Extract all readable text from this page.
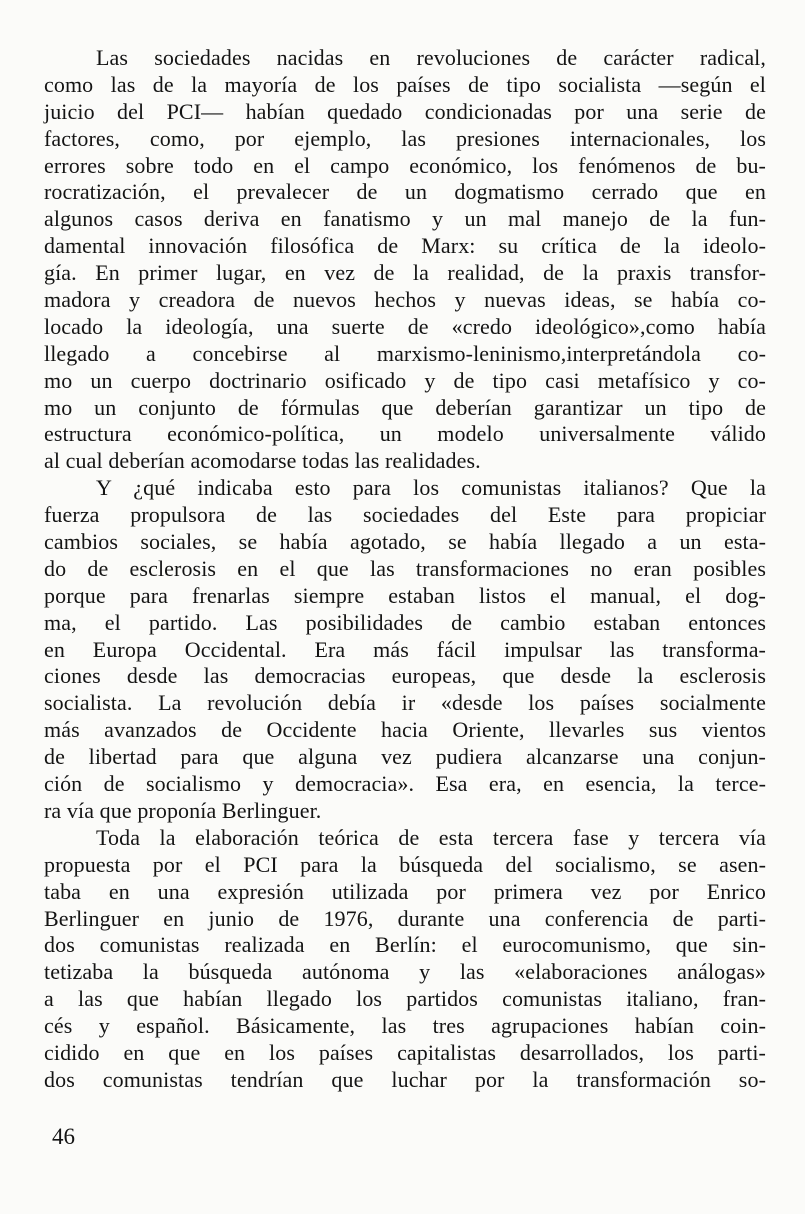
Las sociedades nacidas en revoluciones de carácter radical,
como las de la mayoría de los países de tipo socialista —según el
juicio del PCI— habían quedado condicionadas por una serie de
factores, como, por ejemplo, las presiones internacionales, los
errores sobre todo en el campo económico, los fenómenos de bu-
rocratización, el prevalecer de un dogmatismo cerrado que en
algunos casos deriva en fanatismo y un mal manejo de la fun-
damental innovación filosófica de Marx: su crítica de la ideolo-
gía. En primer lugar, en vez de la realidad, de la praxis transfor-
madora y creadora de nuevos hechos y nuevas ideas, se había co-
locado la ideología, una suerte de «credo ideológico»,como había
llegado a concebirse al marxismo-leninismo,interpretándola co-
mo un cuerpo doctrinario osificado y de tipo casi metafísico y co-
mo un conjunto de fórmulas que deberían garantizar un tipo de
estructura económico-política, un modelo universalmente válido
al cual deberían acomodarse todas las realidades.
Y ¿qué indicaba esto para los comunistas italianos? Que la
fuerza propulsora de las sociedades del Este para propiciar
cambios sociales, se había agotado, se había llegado a un esta-
do de esclerosis en el que las transformaciones no eran posibles
porque para frenarlas siempre estaban listos el manual, el dog-
ma, el partido. Las posibilidades de cambio estaban entonces
en Europa Occidental. Era más fácil impulsar las transforma-
ciones desde las democracias europeas, que desde la esclerosis
socialista. La revolución debía ir «desde los países socialmente
más avanzados de Occidente hacia Oriente, llevarles sus vientos
de libertad para que alguna vez pudiera alcanzarse una conjun-
ción de socialismo y democracia». Esa era, en esencia, la terce-
ra vía que proponía Berlinguer.
Toda la elaboración teórica de esta tercera fase y tercera vía
propuesta por el PCI para la búsqueda del socialismo, se asen-
taba en una expresión utilizada por primera vez por Enrico
Berlinguer en junio de 1976, durante una conferencia de parti-
dos comunistas realizada en Berlín: el eurocomunismo, que sin-
tetizaba la búsqueda autónoma y las «elaboraciones análogas»
a las que habían llegado los partidos comunistas italiano, fran-
cés y español. Básicamente, las tres agrupaciones habían coin-
cidido en que en los países capitalistas desarrollados, los parti-
dos comunistas tendrían que luchar por la transformación so-
46
